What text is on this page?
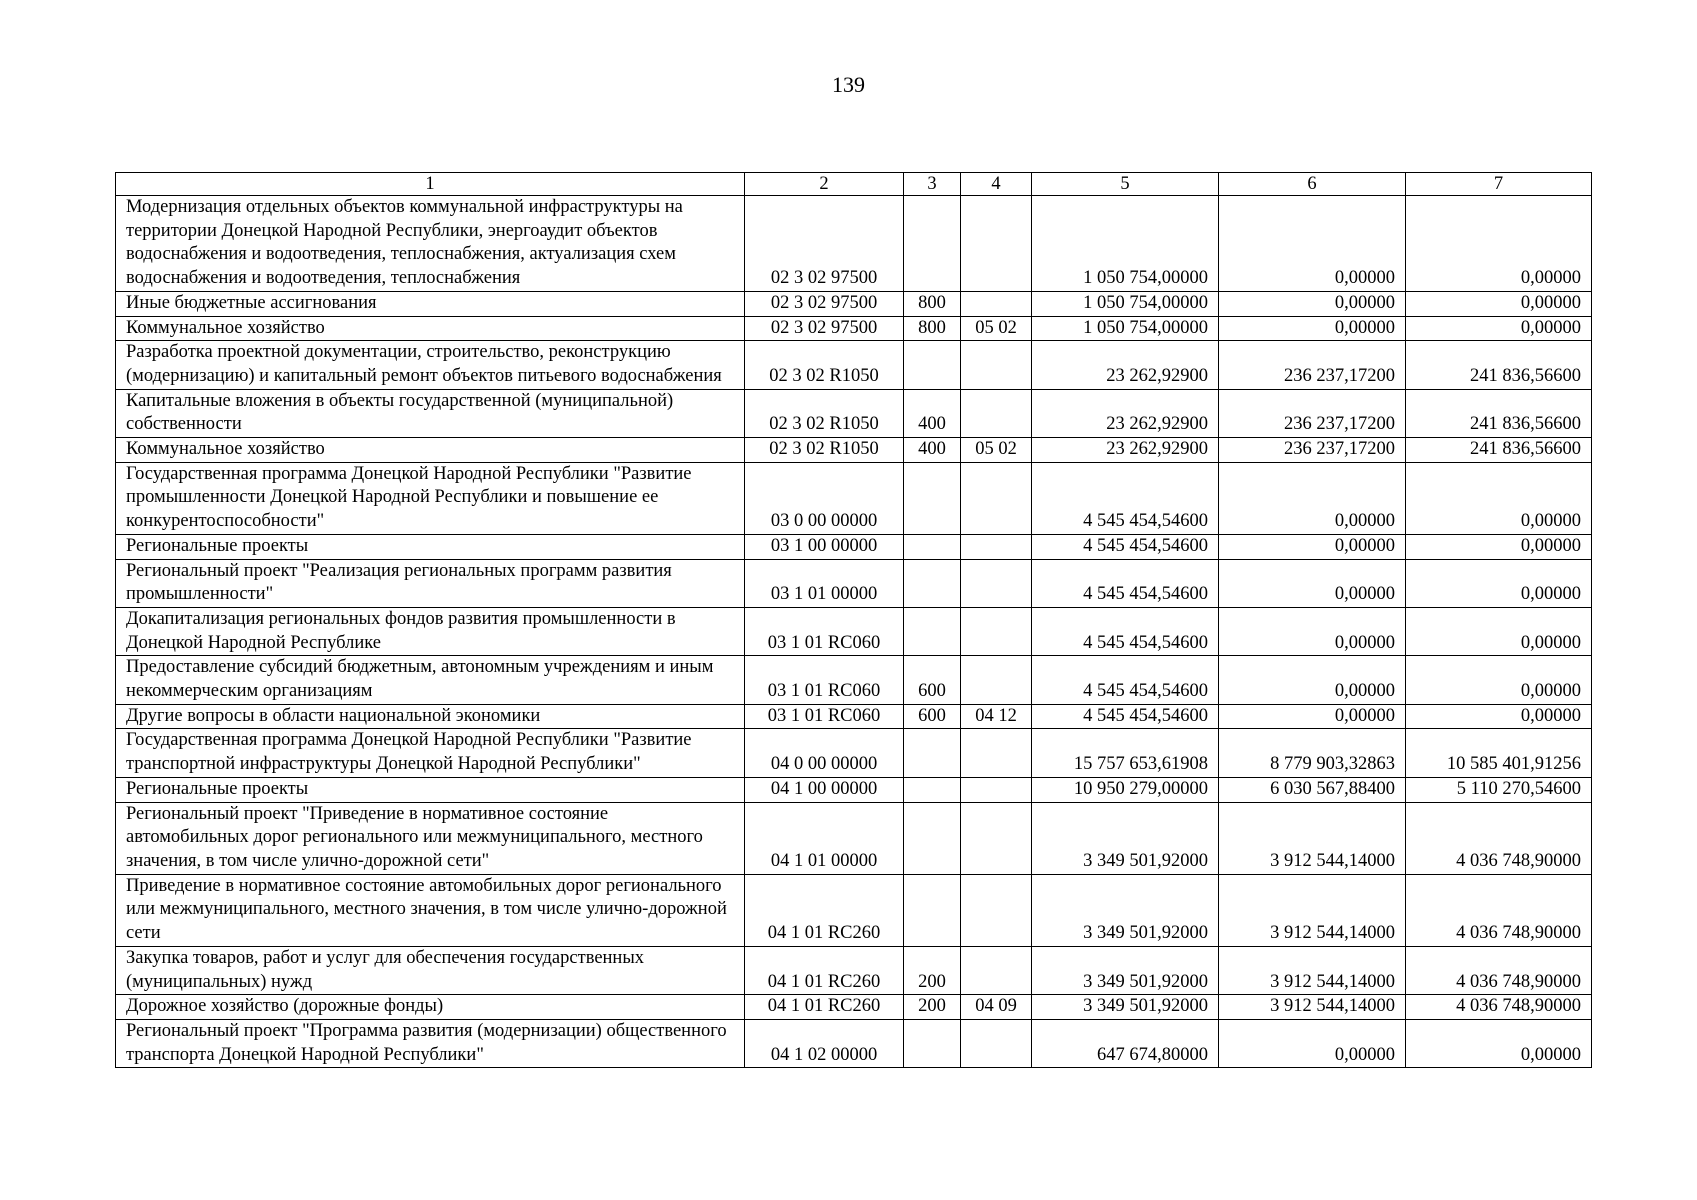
139
1	2	3	4	5	6	7
Модернизация отдельных объектов коммунальной инфраструктуры на территории Донецкой Народной Республики, энергоаудит объектов водоснабжения и водоотведения, теплоснабжения, актуализация схем водоснабжения и водоотведения, теплоснабжения	02 3 02 97500			1 050 754,00000	0,00000	0,00000
Иные бюджетные ассигнования	02 3 02 97500	800		1 050 754,00000	0,00000	0,00000
Коммунальное хозяйство	02 3 02 97500	800	05 02	1 050 754,00000	0,00000	0,00000
Разработка проектной документации, строительство, реконструкцию (модернизацию) и капитальный ремонт объектов питьевого водоснабжения	02 3 02 R1050			23 262,92900	236 237,17200	241 836,56600
Капитальные вложения в объекты государственной (муниципальной) собственности	02 3 02 R1050	400		23 262,92900	236 237,17200	241 836,56600
Коммунальное хозяйство	02 3 02 R1050	400	05 02	23 262,92900	236 237,17200	241 836,56600
Государственная программа Донецкой Народной Республики "Развитие промышленности Донецкой Народной Республики и повышение ее конкурентоспособности"	03 0 00 00000			4 545 454,54600	0,00000	0,00000
Региональные проекты	03 1 00 00000			4 545 454,54600	0,00000	0,00000
Региональный проект "Реализация региональных программ развития промышленности"	03 1 01 00000			4 545 454,54600	0,00000	0,00000
Докапитализация региональных фондов развития промышленности в Донецкой Народной Республике	03 1 01 RC060			4 545 454,54600	0,00000	0,00000
Предоставление субсидий бюджетным, автономным учреждениям и иным некоммерческим организациям	03 1 01 RC060	600		4 545 454,54600	0,00000	0,00000
Другие вопросы в области национальной экономики	03 1 01 RC060	600	04 12	4 545 454,54600	0,00000	0,00000
Государственная программа Донецкой Народной Республики "Развитие транспортной инфраструктуры Донецкой Народной Республики"	04 0 00 00000			15 757 653,61908	8 779 903,32863	10 585 401,91256
Региональные проекты	04 1 00 00000			10 950 279,00000	6 030 567,88400	5 110 270,54600
Региональный проект "Приведение в нормативное состояние автомобильных дорог регионального или межмуниципального, местного значения, в том числе улично-дорожной сети"	04 1 01 00000			3 349 501,92000	3 912 544,14000	4 036 748,90000
Приведение в нормативное состояние автомобильных дорог регионального или межмуниципального, местного значения, в том числе улично-дорожной сети	04 1 01 RC260			3 349 501,92000	3 912 544,14000	4 036 748,90000
Закупка товаров, работ и услуг для обеспечения государственных (муниципальных) нужд	04 1 01 RC260	200		3 349 501,92000	3 912 544,14000	4 036 748,90000
Дорожное хозяйство (дорожные фонды)	04 1 01 RC260	200	04 09	3 349 501,92000	3 912 544,14000	4 036 748,90000
Региональный проект "Программа развития (модернизации) общественного транспорта Донецкой Народной Республики"	04 1 02 00000			647 674,80000	0,00000	0,00000
